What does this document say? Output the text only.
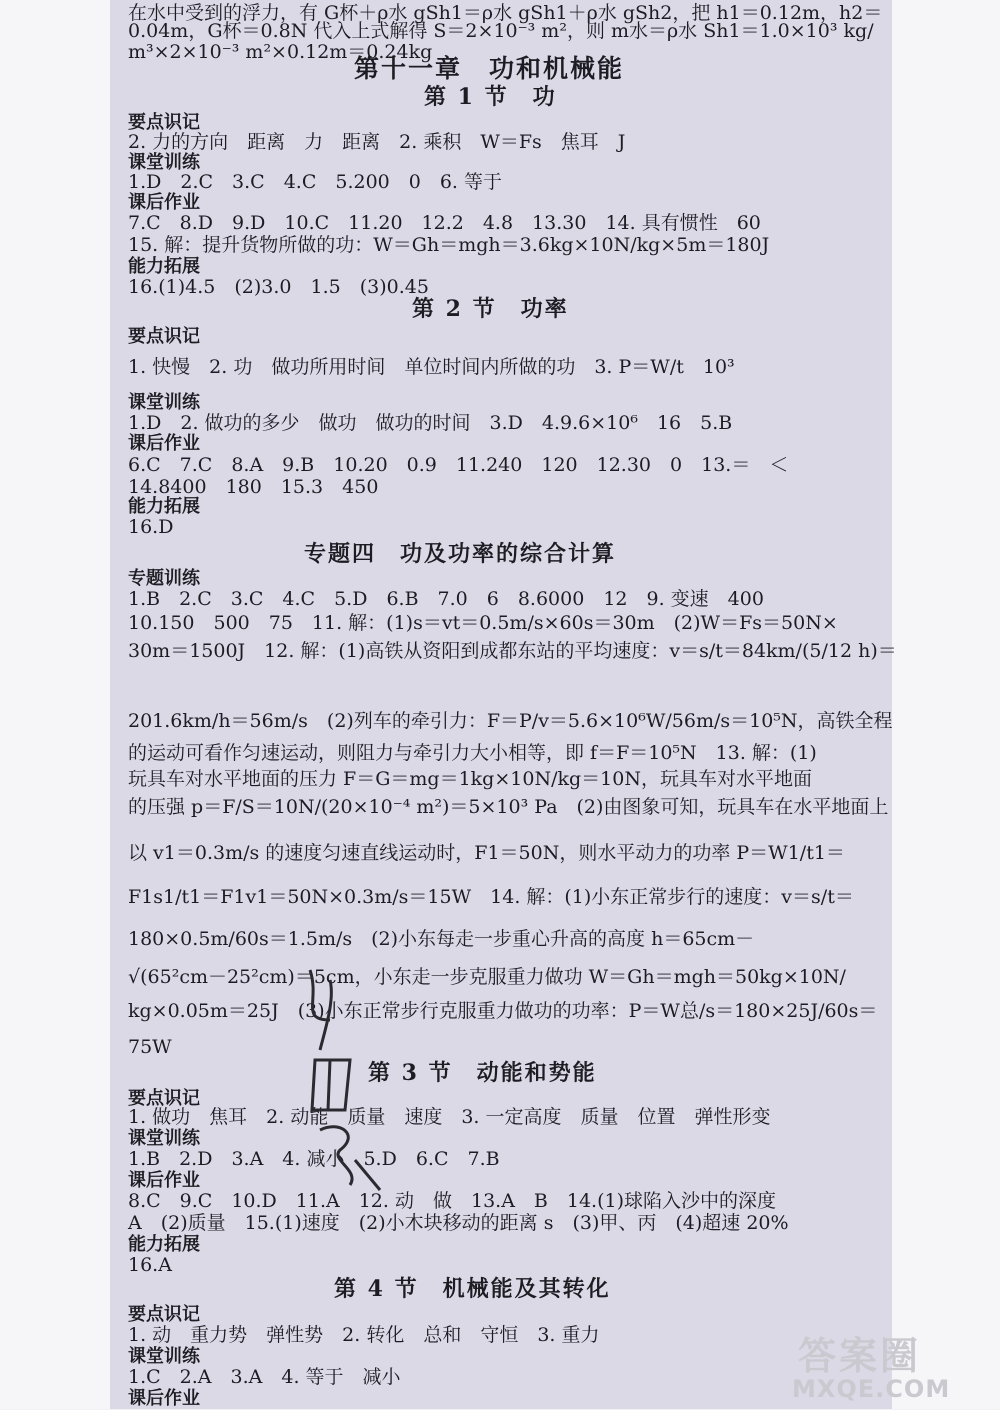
在水中受到的浮力，有 G杯＋ρ水 gSh1＝ρ水 gSh1＋ρ水 gSh2，把 h1＝0.12m，h2＝
0.04m，G杯＝0.8N 代入上式解得 S＝2×10⁻³ m²，则 m水＝ρ水 Sh1＝1.0×10³ kg/
m³×2×10⁻³ m²×0.12m＝0.24kg
第十一章　功和机械能
第 1 节　功
要点识记
2. 力的方向　距离　力　距离　2. 乘积　W＝Fs　焦耳　J
课堂训练
1.D　2.C　3.C　4.C　5.200　0　6. 等于
课后作业
7.C　8.D　9.D　10.C　11.20　12.2　4.8　13.30　14. 具有惯性　60
15. 解：提升货物所做的功：W＝Gh＝mgh＝3.6kg×10N/kg×5m＝180J
能力拓展
16.(1)4.5　(2)3.0　1.5　(3)0.45
第 2 节　功率
要点识记
1. 快慢　2. 功　做功所用时间　单位时间内所做的功　3. P＝W/t　10³
课堂训练
1.D　2. 做功的多少　做功　做功的时间　3.D　4.9.6×10⁶　16　5.B
课后作业
6.C　7.C　8.A　9.B　10.20　0.9　11.240　120　12.30　0　13.＝　＜
14.8400　180　15.3　450
能力拓展
16.D
专题四　功及功率的综合计算
专题训练
1.B　2.C　3.C　4.C　5.D　6.B　7.0　6　8.6000　12　9. 变速　400
10.150　500　75　11. 解：(1)s＝vt＝0.5m/s×60s＝30m　(2)W＝Fs＝50N×
30m＝1500J　12. 解：(1)高铁从资阳到成都东站的平均速度：v＝s/t＝84km/(5/12 h)＝
201.6km/h＝56m/s　(2)列车的牵引力：F＝P/v＝5.6×10⁶W/56m/s＝10⁵N，高铁全程
的运动可看作匀速运动，则阻力与牵引力大小相等，即 f＝F＝10⁵N　13. 解：(1)
玩具车对水平地面的压力 F＝G＝mg＝1kg×10N/kg＝10N，玩具车对水平地面
的压强 p＝F/S＝10N/(20×10⁻⁴ m²)＝5×10³ Pa　(2)由图象可知，玩具车在水平地面上
以 v1＝0.3m/s 的速度匀速直线运动时，F1＝50N，则水平动力的功率 P＝W1/t1＝
F1s1/t1＝F1v1＝50N×0.3m/s＝15W　14. 解：(1)小东正常步行的速度：v＝s/t＝
180×0.5m/60s＝1.5m/s　(2)小东每走一步重心升高的高度 h＝65cm－
√(65²cm－25²cm)＝5cm，小东走一步克服重力做功 W＝Gh＝mgh＝50kg×10N/
kg×0.05m＝25J　(3)小东正常步行克服重力做功的功率：P＝W总/s＝180×25J/60s＝
75W
第 3 节　动能和势能
要点识记
1. 做功　焦耳　2. 动能　质量　速度　3. 一定高度　质量　位置　弹性形变
课堂训练
1.B　2.D　3.A　4. 减小　5.D　6.C　7.B
课后作业
8.C　9.C　10.D　11.A　12. 动　做　13.A　B　14.(1)球陷入沙中的深度
A　(2)质量　15.(1)速度　(2)小木块移动的距离 s　(3)甲、丙　(4)超速 20%
能力拓展
16.A
第 4 节　机械能及其转化
要点识记
1. 动　重力势　弹性势　2. 转化　总和　守恒　3. 重力
课堂训练
1.C　2.A　3.A　4. 等于　减小
课后作业
答案圈
MXQE.COM
